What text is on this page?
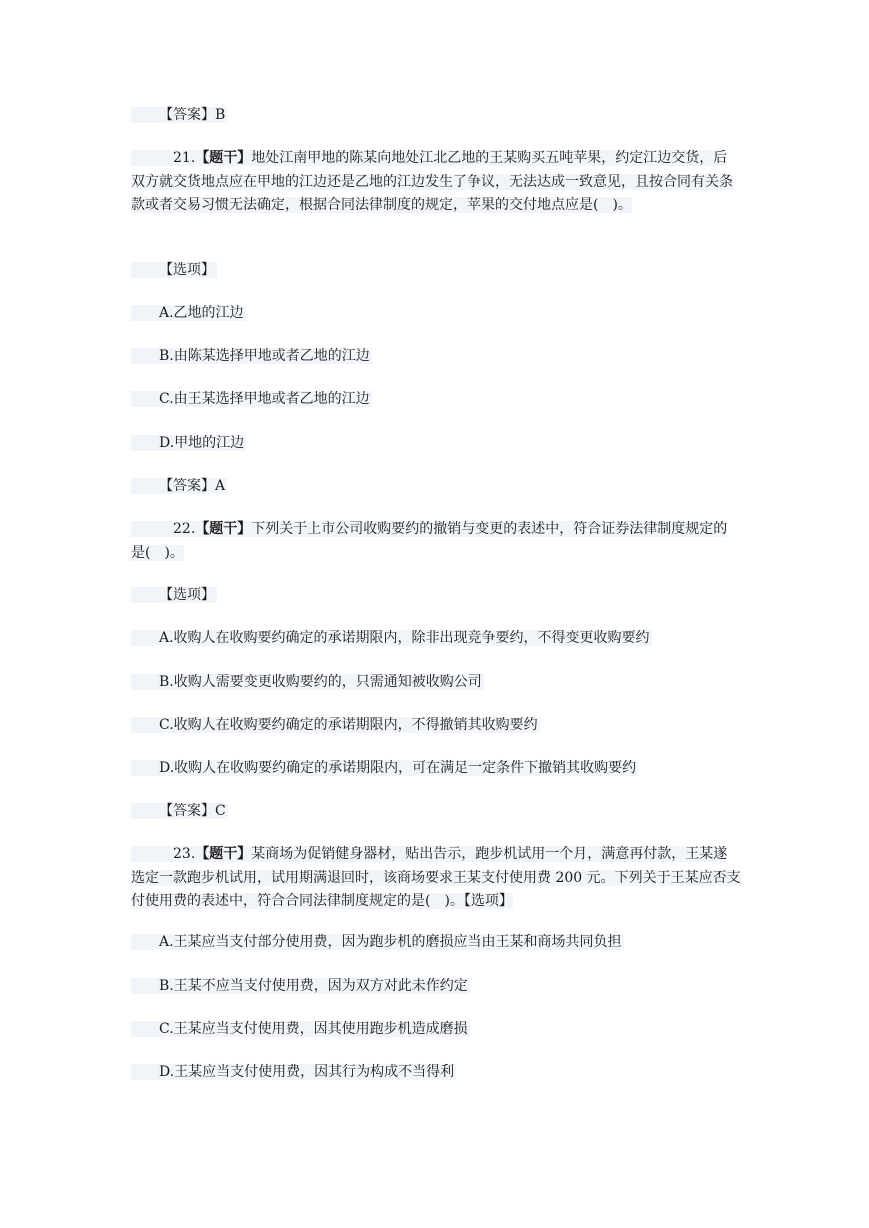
【答案】B
21.【题干】地处江南甲地的陈某向地处江北乙地的王某购买五吨苹果，约定江边交货，后双方就交货地点应在甲地的江边还是乙地的江边发生了争议，无法达成一致意见，且按合同有关条款或者交易习惯无法确定，根据合同法律制度的规定，苹果的交付地点应是(　)。
【选项】
A.乙地的江边
B.由陈某选择甲地或者乙地的江边
C.由王某选择甲地或者乙地的江边
D.甲地的江边
【答案】A
22.【题干】下列关于上市公司收购要约的撤销与变更的表述中，符合证券法律制度规定的是(　)。
【选项】
A.收购人在收购要约确定的承诺期限内，除非出现竞争要约，不得变更收购要约
B.收购人需要变更收购要约的，只需通知被收购公司
C.收购人在收购要约确定的承诺期限内，不得撤销其收购要约
D.收购人在收购要约确定的承诺期限内，可在满足一定条件下撤销其收购要约
【答案】C
23.【题干】某商场为促销健身器材，贴出告示，跑步机试用一个月，满意再付款，王某遂选定一款跑步机试用，试用期满退回时，该商场要求王某支付使用费 200 元。下列关于王某应否支付使用费的表述中，符合合同法律制度规定的是(　)。【选项】
A.王某应当支付部分使用费，因为跑步机的磨损应当由王某和商场共同负担
B.王某不应当支付使用费，因为双方对此未作约定
C.王某应当支付使用费，因其使用跑步机造成磨损
D.王某应当支付使用费，因其行为构成不当得利
